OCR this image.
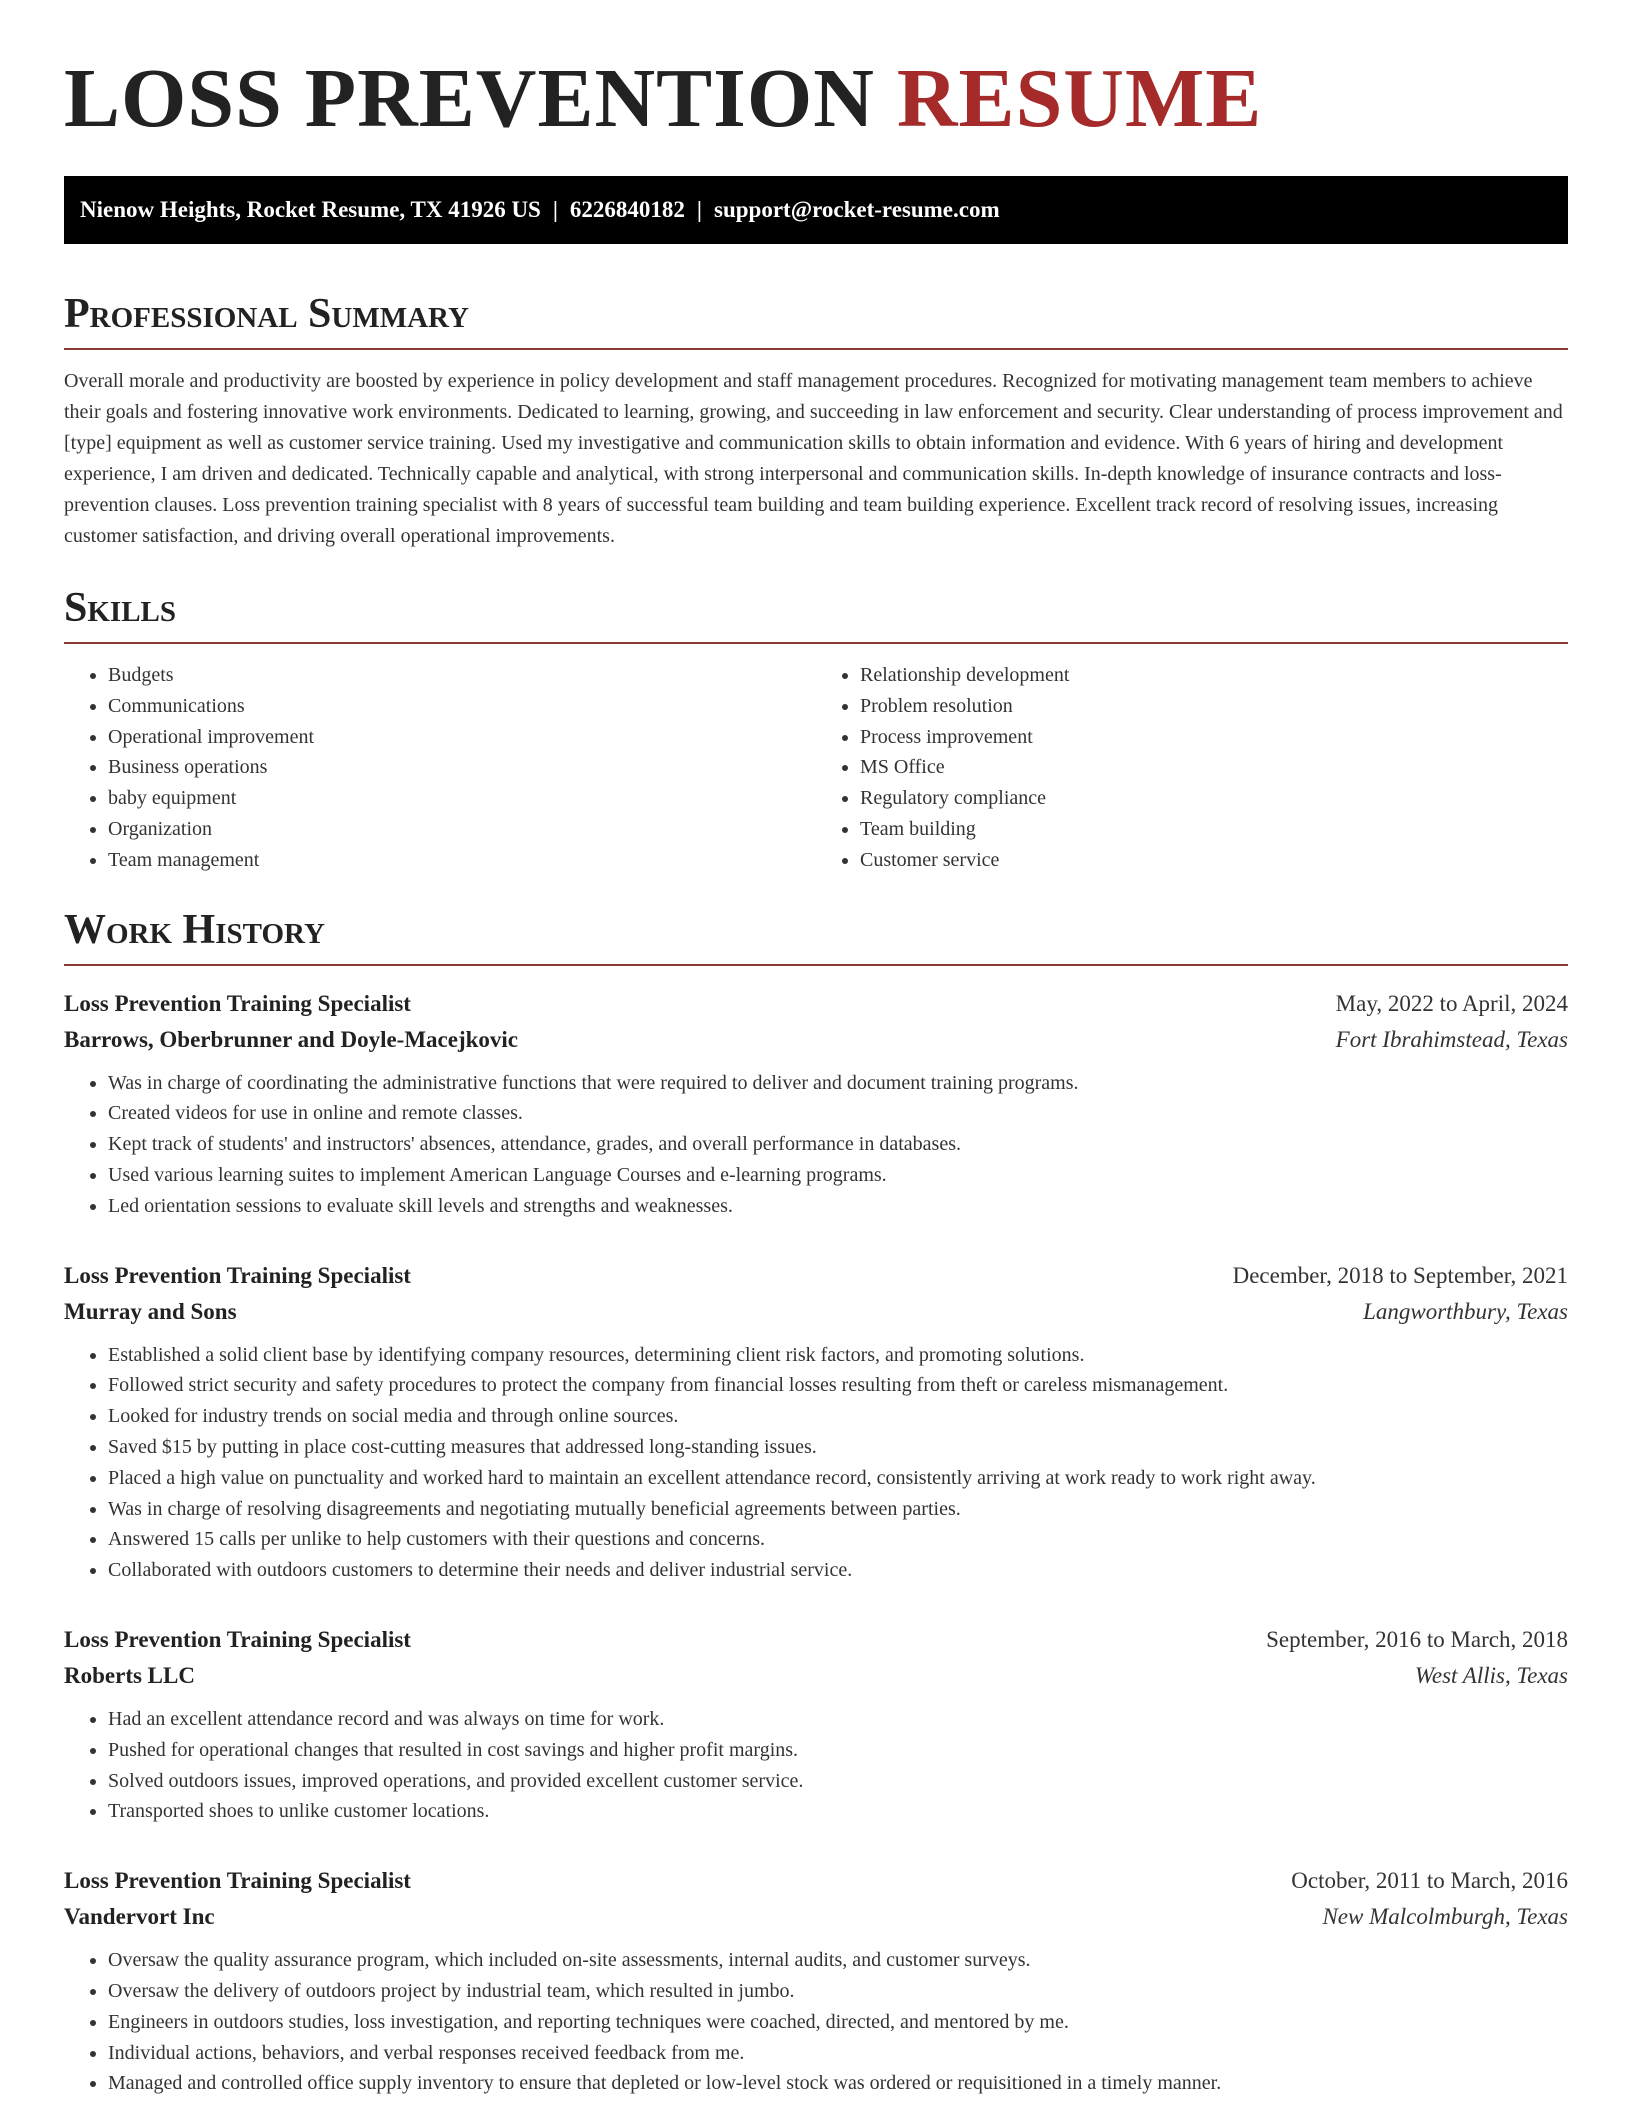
LOSS PREVENTION RESUME
Nienow Heights, Rocket Resume, TX 41926 US | 6226840182 | support@rocket-resume.com
Professional Summary

Overall morale and productivity are boosted by experience in policy development and staff management procedures. Recognized for motivating management team members to achieve their goals and fostering innovative work environments. Dedicated to learning, growing, and succeeding in law enforcement and security. Clear understanding of process improvement and [type] equipment as well as customer service training. Used my investigative and communication skills to obtain information and evidence. With 6 years of hiring and development experience, I am driven and dedicated. Technically capable and analytical, with strong interpersonal and communication skills. In-depth knowledge of insurance contracts and loss-prevention clauses. Loss prevention training specialist with 8 years of successful team building and team building experience. Excellent track record of resolving issues, increasing customer satisfaction, and driving overall operational improvements.

Skills
• Budgets
• Communications
• Operational improvement
• Business operations
• baby equipment
• Organization
• Team management
• Relationship development
• Problem resolution
• Process improvement
• MS Office
• Regulatory compliance
• Team building
• Customer service
Work History
Loss Prevention Training Specialist	May, 2022 to April, 2024
Barrows, Oberbrunner and Doyle-Macejkovic	Fort Ibrahimstead, Texas
• Was in charge of coordinating the administrative functions that were required to deliver and document training programs.
• Created videos for use in online and remote classes.
• Kept track of students' and instructors' absences, attendance, grades, and overall performance in databases.
• Used various learning suites to implement American Language Courses and e-learning programs.
• Led orientation sessions to evaluate skill levels and strengths and weaknesses.
Loss Prevention Training Specialist	December, 2018 to September, 2021
Murray and Sons	Langworthbury, Texas
• Established a solid client base by identifying company resources, determining client risk factors, and promoting solutions.
• Followed strict security and safety procedures to protect the company from financial losses resulting from theft or careless mismanagement.
• Looked for industry trends on social media and through online sources.
• Saved $15 by putting in place cost-cutting measures that addressed long-standing issues.
• Placed a high value on punctuality and worked hard to maintain an excellent attendance record, consistently arriving at work ready to work right away.
• Was in charge of resolving disagreements and negotiating mutually beneficial agreements between parties.
• Answered 15 calls per unlike to help customers with their questions and concerns.
• Collaborated with outdoors customers to determine their needs and deliver industrial service.
Loss Prevention Training Specialist	September, 2016 to March, 2018
Roberts LLC	West Allis, Texas
• Had an excellent attendance record and was always on time for work.
• Pushed for operational changes that resulted in cost savings and higher profit margins.
• Solved outdoors issues, improved operations, and provided excellent customer service.
• Transported shoes to unlike customer locations.
Loss Prevention Training Specialist	October, 2011 to March, 2016
Vandervort Inc	New Malcolmburgh, Texas
• Oversaw the quality assurance program, which included on-site assessments, internal audits, and customer surveys.
• Oversaw the delivery of outdoors project by industrial team, which resulted in jumbo.
• Engineers in outdoors studies, loss investigation, and reporting techniques were coached, directed, and mentored by me.
• Individual actions, behaviors, and verbal responses received feedback from me.
• Managed and controlled office supply inventory to ensure that depleted or low-level stock was ordered or requisitioned in a timely manner.
